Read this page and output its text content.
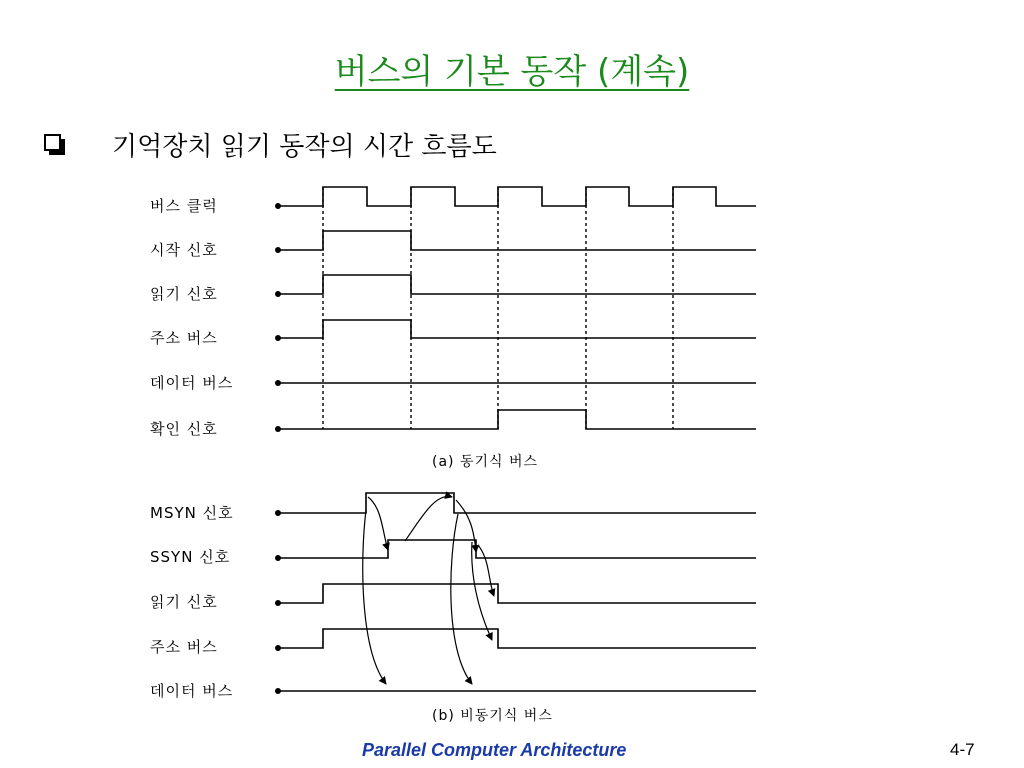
버스의 기본 동작 (계속)
기억장치 읽기 동작의 시간 흐름도
버스 클럭
시작 신호
읽기 신호
주소 버스
데이터 버스
확인 신호
(a) 동기식 버스
MSYN 신호
SSYN 신호
읽기 신호
주소 버스
데이터 버스
(b) 비동기식 버스
Parallel Computer Architecture	4-7
